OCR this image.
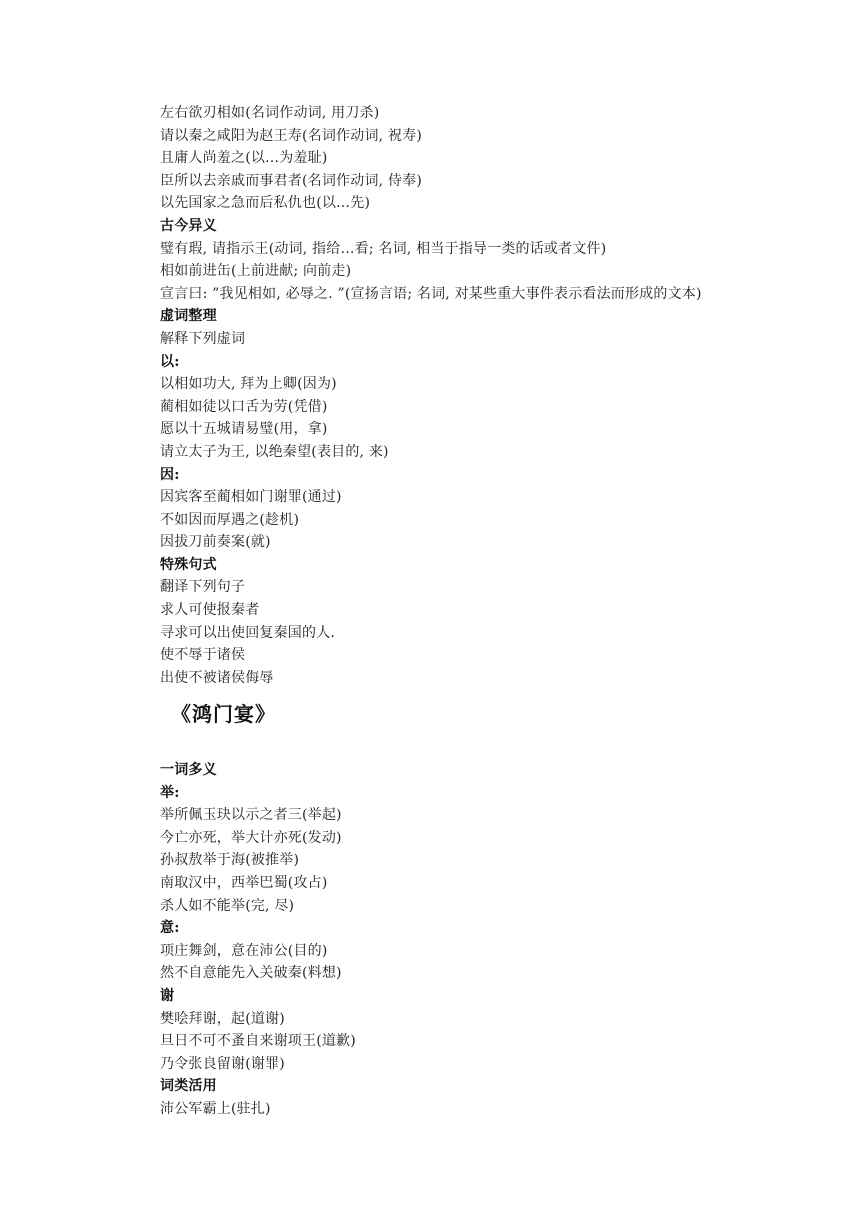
左右欲刃相如(名词作动词, 用刀杀)
请以秦之咸阳为赵王寿(名词作动词, 祝寿)
且庸人尚羞之(以…为羞耻)
臣所以去亲戚而事君者(名词作动词, 侍奉)
以先国家之急而后私仇也(以…先)
古今异义
璧有瑕, 请指示王(动词, 指给…看; 名词, 相当于指导一类的话或者文件)
相如前进缶(上前进献; 向前走)
宣言曰: ”我见相如, 必辱之. ”(宣扬言语; 名词, 对某些重大事件表示看法而形成的文本)
虚词整理
解释下列虚词
以:
以相如功大, 拜为上卿(因为)
蔺相如徒以口舌为劳(凭借)
愿以十五城请易璧(用，拿)
请立太子为王, 以绝秦望(表目的, 来)
因:
因宾客至蔺相如门谢罪(通过)
不如因而厚遇之(趁机)
因拔刀前奏案(就)
特殊句式
翻译下列句子
求人可使报秦者
寻求可以出使回复秦国的人.
使不辱于诸侯
出使不被诸侯侮辱
《鸿门宴》
一词多义
举:
举所佩玉玦以示之者三(举起)
今亡亦死，举大计亦死(发动)
孙叔敖举于海(被推举)
南取汉中，西举巴蜀(攻占)
杀人如不能举(完, 尽)
意:
项庄舞剑，意在沛公(目的)
然不自意能先入关破秦(料想)
谢
樊哙拜谢，起(道谢)
旦日不可不蚤自来谢项王(道歉)
乃令张良留谢(谢罪)
词类活用
沛公军霸上(驻扎)
